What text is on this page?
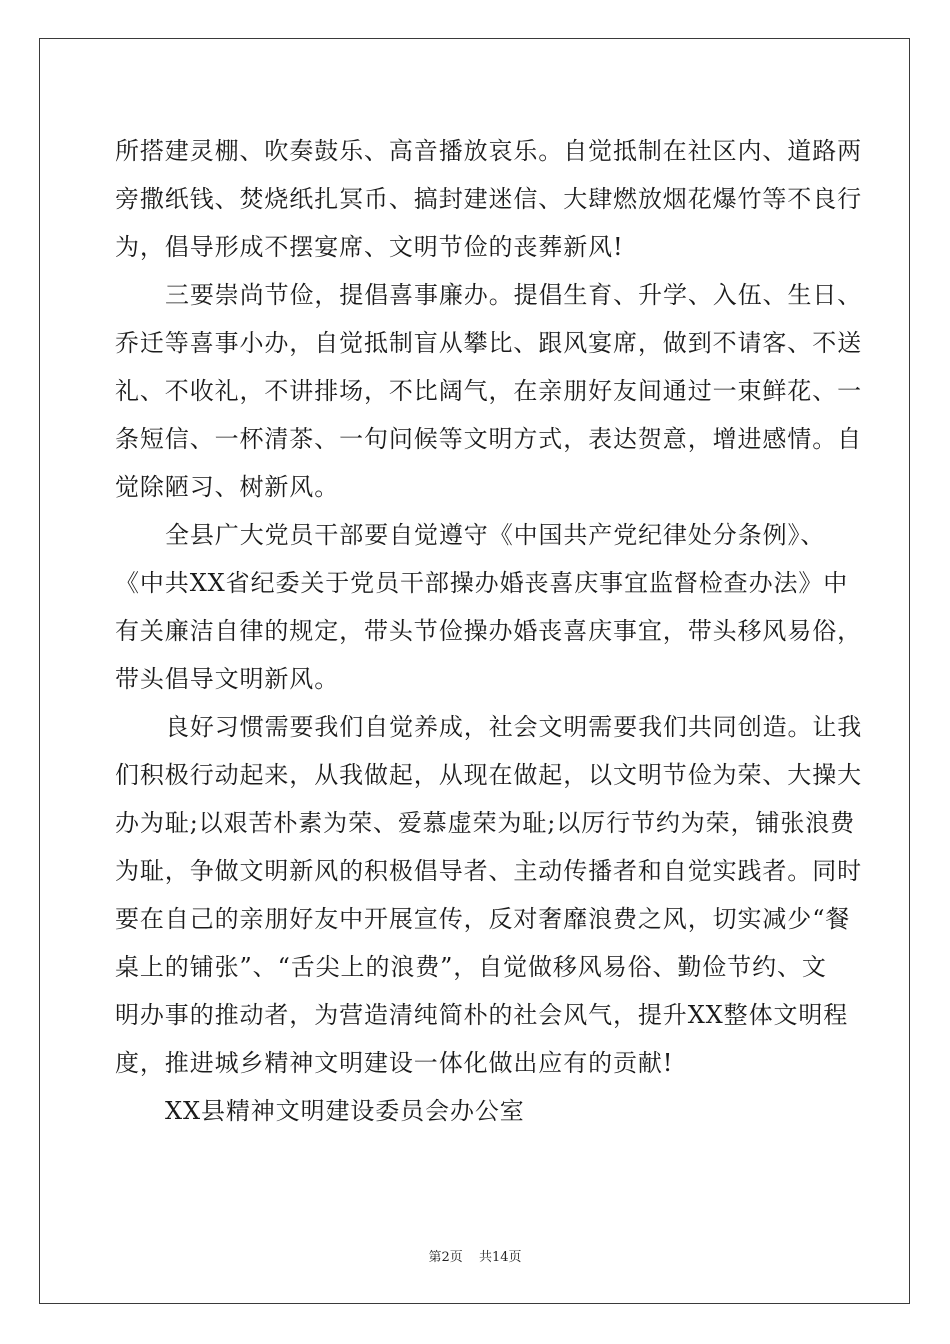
所搭建灵棚、吹奏鼓乐、高音播放哀乐。自觉抵制在社区内、道路两
旁撒纸钱、焚烧纸扎冥币、搞封建迷信、大肆燃放烟花爆竹等不良行
为，倡导形成不摆宴席、文明节俭的丧葬新风!
三要崇尚节俭，提倡喜事廉办。提倡生育、升学、入伍、生日、
乔迁等喜事小办，自觉抵制盲从攀比、跟风宴席，做到不请客、不送
礼、不收礼，不讲排场，不比阔气，在亲朋好友间通过一束鲜花、一
条短信、一杯清茶、一句问候等文明方式，表达贺意，增进感情。自
觉除陋习、树新风。
全县广大党员干部要自觉遵守《中国共产党纪律处分条例》、
《中共XX省纪委关于党员干部操办婚丧喜庆事宜监督检查办法》中
有关廉洁自律的规定，带头节俭操办婚丧喜庆事宜，带头移风易俗，
带头倡导文明新风。
良好习惯需要我们自觉养成，社会文明需要我们共同创造。让我
们积极行动起来，从我做起，从现在做起，以文明节俭为荣、大操大
办为耻;以艰苦朴素为荣、爱慕虚荣为耻;以厉行节约为荣，铺张浪费
为耻，争做文明新风的积极倡导者、主动传播者和自觉实践者。同时
要在自己的亲朋好友中开展宣传，反对奢靡浪费之风，切实减少“餐
桌上的铺张”、“舌尖上的浪费”，自觉做移风易俗、勤俭节约、文
明办事的推动者，为营造清纯简朴的社会风气，提升XX整体文明程
度，推进城乡精神文明建设一体化做出应有的贡献!
XX县精神文明建设委员会办公室
第2页 共14页
